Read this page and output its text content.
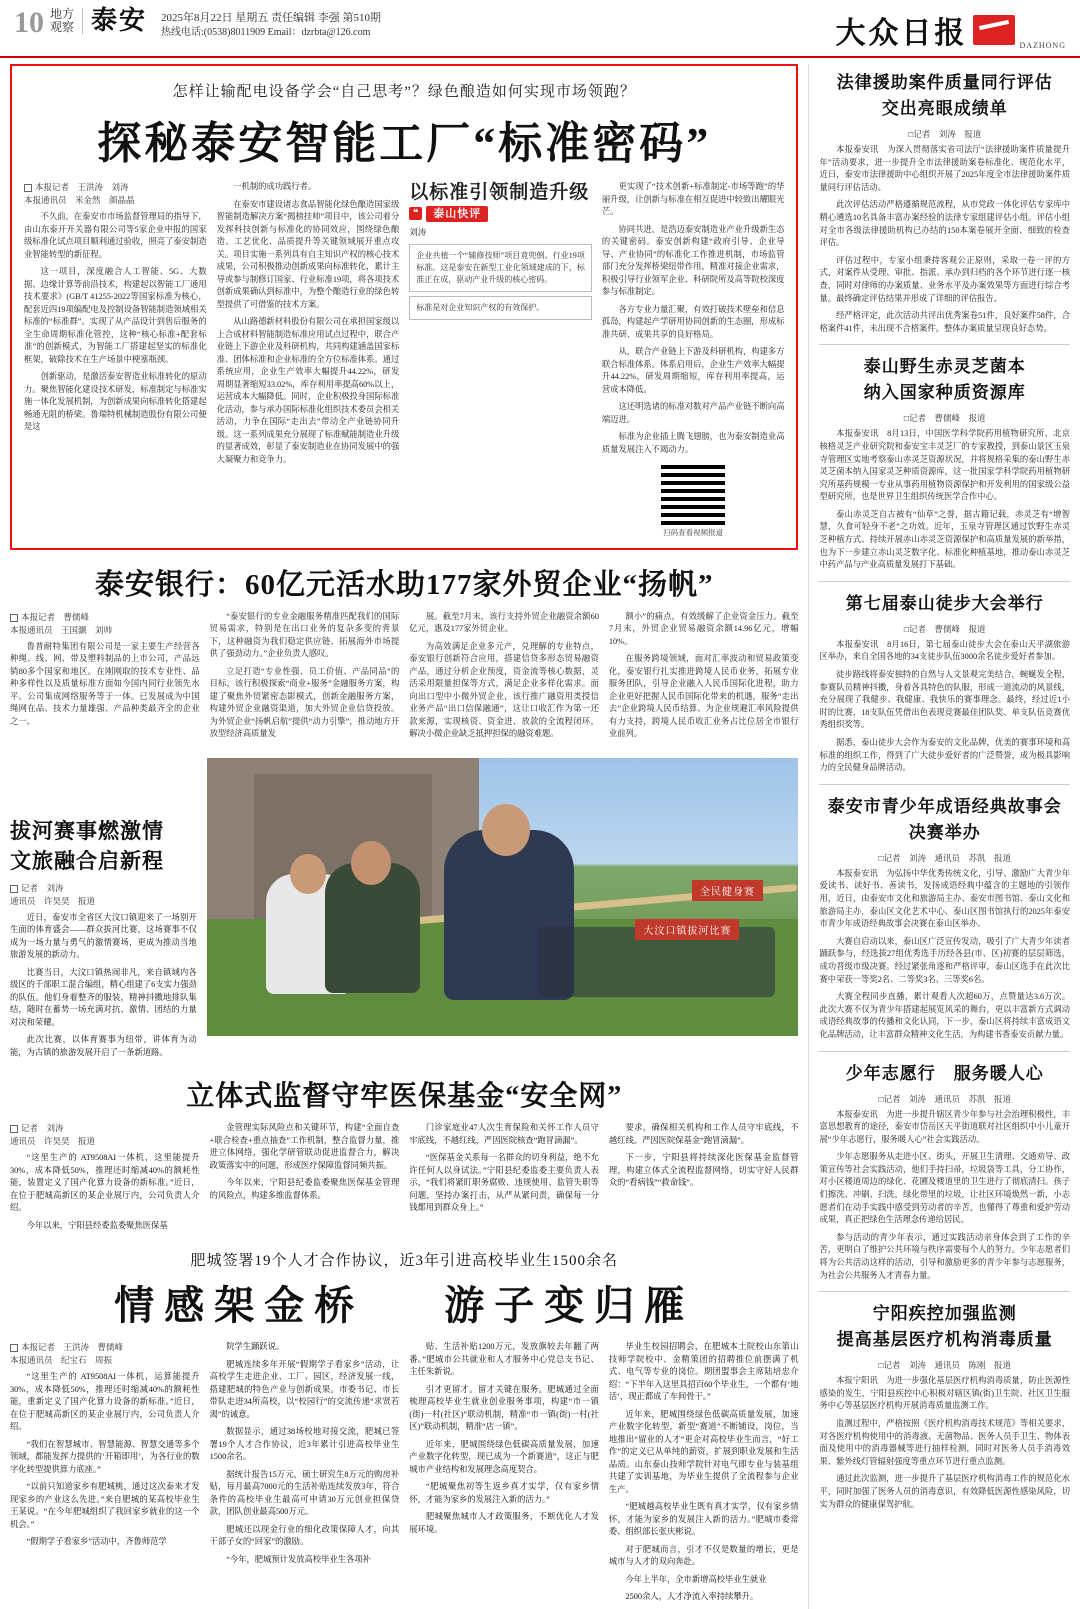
10 地方
观察 泰安 2025年8月22日 星期五 责任编辑 李强 第510期
热线电话:(0538)8011909 Email：dzrbta@126.com	大众日报	DAZHONG
怎样让输配电设备学会“自己思考”？绿色酿造如何实现市场领跑？
探秘泰安智能工厂“标准密码”
本报记者　王洪涛　刘涛
本报通讯员　米金然　颜晶晶

不久前，在泰安市市场监督管理局的指导下，由山东泰开开关器有限公司等5家企业申报的国家级标准化试点项目顺利通过验收，照亮了泰安制造业智能转型的新征程。

这一项目，深度融合人工智能、5G、大数据、边缘计算等前沿技术，构建起以智能工厂通用技术要求》(GB/T 41255-2022等国家标准为核心，配套近四19项编配电及控制设备智能制造领域相关标准的“标准群”。实现了从产品设计到售后服务的全生命周期标准化管控，这种“核心标准+配套标准”的创新模式，为智能工厂搭建起坚实的标准化框架，破除技术在生产场景中梗塞瓶颈。

创新驱动，是激活泰安智造业标准转化的原动力。聚焦智能化建设技术研发，标准制定与标准实施一体化发展机制，为创新成果向标准转化搭建起畅通无阻的桥梁。鲁瑞特机械制造股份有限公司便是这

一机制的成功践行者。

在泰安市建设诸志食品智能化绿色酿造国家级智能制造解决方案“揭榜挂帅”项目中，该公司着分发挥科技创新与标准化的协同效应，围绕绿色酿造、工艺优化、品质提升等关键领域展开重点攻关。项目实施一系列具有自主知识产权的核心技术成果，公司积极推动创新成果向标准转化，累计主导或参与制修订国家、行业标准19项，将各项技术创新成果确认到标准中，为整个酿造行业的绿色转型提供了可借鉴的技术方案。

从山路德新材料股份有限公司在承担国家级以上合成材料智能制造标准应用试点过程中，联合产业链上下游企业及科研机构，共同构建涵盖国家标准、团体标准和企业标准的全方位标准体系。通过系统应用，企业生产效率大幅提升44.22%，研发周期显著缩短33.02%，库存利用率提高60%以上，运营成本大幅降低。同时，企业积极投身国际标准化活动，参与承办国际标准化组织技术委员会相关活动，力争在国际“走出去”带动全产业链协同升级。这一系列成果充分展现了标准赋能制造业升级的显著成效，彰显了泰安制造业在协同发展中的强大凝聚力和竞争力。

以标准引领制造升级
❝	泰山快评
刘涛
企业共植一个“辅修技师”项目竟兜倒。行业19项标准。这是泰安在新型工业化领域建成的下，标准正在成，驱动产业升级的核心密码。
标准是对企业知识产权的有效保护。

更实现了“技术创新+标准制定-市场等跑”的华丽升级，让创新与标准在相互促进中较致出耀眼光芒。

协同共进，是浩迈泰安制造业产业升级新生态的关键密码。泰安创新构建“政府引导、企业导导、产业协同”的标准化工作推进机制，市场监管部门充分发挥桥梁纽带作用，精准对接企业需求，积极引导行业领军企业、科研院所及高等院校深度参与标准制定。

各方专业力量汇聚，有效打破技术壁垒和信息孤岛，构建起产学研用协同创新的生态圈，形成标准共研、成果共享的良好格局。

从，联合产业链上下游及科研机构，构建多方联合标准体系。体系启用后，企业生产效率大幅提升44.22%，研发周期缩短，库存利用率提高，运营成本降低。

这还明选诸的标准对数对产品产业链不断向高端迈进。

标准为企业插上腾飞翅膀，也为泰安制造业高质量发展注入不竭动力。

扫码查看视频报道
泰安银行：60亿元活水助177家外贸企业“扬帆”
本报记者　曹儒峰
本报通讯员　王国灏　刘帅

鲁普耐特集团有限公司是一家主要生产经营各种绳、线、网、带及塑料制品的上市公司，产品远销80多个国家和地区。在刚刚取的技术专业性、品种多样性以及质量标准方面如今国内同行业领先水平。公司集成网络服务等于一体。已发展成为中国绳网在品、技术力量雄强、产品种类最齐全的企业之一。

“泰安银行的专业金融服务精准匹配我们的国际贸易需求，特别是在出口业务的复杂多变的背景下，这种融资为我们稳定供应链、拓展海外市场提供了强劲动力。”企业负责人感叹。

立足打造“专业性强、员工价值、产品同品”的目标，该行积极探索“商业+服务”金融服务方案，构建了聚焦外贸紧密态影模式，创新金融服务方案，构建外贸企业融资渠道，加大外贸企业信贷投放。为外贸企业“扬帆启航”提供“动力引擎”，推动地方开放型经济高质量发

展。截至7月末，该行支持外贸企业融资余额60亿元，惠及177家外贸企业。

为高效满足企业多元产，兑理解的专业特点，泰安银行创新符合应用，搭建信贷多形态贸易融资产品，通过分析企业预度，资金流等核心数据，灵活采用限量担保等方式，满足企业多样化需求。面向出口型中小微外贸企业，该行推广融资用类授信业务产品“出口信保融通”，这让口收汇作为第一还款来源，实现核资、资金进、放款的全流程闭环，解决小微企业缺乏抵押担保的融资难题。

额小”的痛点，有效缓解了企业资金压力。截至7月末，外贸企业贸易融资余额14.96亿元，增幅10%。

在服务跨境领域，面对汇率波动和贸易政策变化，泰安银行扎实推进跨境人民币业务，拓展专业服务团队，引导企业融入人民币国际化进程，助力企业更好把握人民币国际化带来的机遇，服务“走出去”企业跨境人民币结算、为企业规避汇率风险提供有力支持，跨境人民币收汇业务占比位居全市银行业前列。

拔河赛事燃激情
文旅融合启新程
记者　刘涛
通讯员　许昊昊　报道

近日，泰安市全省区大汶口镇迎来了一场别开生面的体育盛会——群众拔河比赛，这场赛事不仅成为一场力量与勇气的激情赛场，更成为推动当地旅游发展的新动力。

比赛当日，大汶口镇热闹非凡，来自镇域内各级区的千部职工混合编组，精心组建了6支实力强劲的队伍。他们身着整齐的服装，精神抖擞地排队集结，随时在蓄势一场充满对抗、激情、团结的力量对决和荣耀。

此次比赛，以体育赛事为纽带，讲体育为动能，为古镇的旅游发展开启了一条新道路。

全民健身赛
大汶口镇拔河比赛
立体式监督守牢医保基金“安全网”
记者　刘涛
通讯员　许昊昊　报道

“这里生产的 AT9508AI一体机，这里能提升30%，成本降低50%，推理还时缩减40%的额耗性能，装置定义了国产化算力设备的新标准。”近日，在位于肥城高新区的某企业展厅内，公司负责人介绍。

今年以来，宁阳县经委监委聚焦医保基

金管理实际风险点和关键环节，构建“全面自查+联合检查+重点抽查”工作机制，整合监督力量，推进立体网络，强化学研管联动促进监督合力，解决政策落实中的问题，形成医疗保障监督同频共振。

今年以来，宁阳县纪委监委聚焦医保基金管理的风险点，构建多维监督体系。

门诊家庭业47人次生育保险和关怀工作人员守牢底线，不越红线，严因医院核查“跑冒滴漏”。

“医保基金关系每一名群众的切身利益，绝不允许任何人以身试法。”宁阳县纪委监委主要负责人表示，“我们将紧盯职务腐败、违规使用、监管失职等问题，坚持办案打击，从严从紧问责，确保每一分钱都用到群众身上。”

要求，确保相关机构和工作人员守牢底线，不越红线。严因医院保基金“跑冒滴漏”。

下一步，宁阳县将持续深化医保基金监督管理，构建立体式全流程监督网络，切实守好人民群众的“看病钱”“救命钱”。

肥城签署19个人才合作协议，近3年引进高校毕业生1500余名
情感架金桥 游子变归雁
本报记者　王洪涛　曹儒峰
本报通讯员　纪宝石　周振

“这里生产的 AT9508AI一体机，运算能提升30%，成本降低50%，推理还时缩减40%的额耗性能，重新定义了国产化算力设备的新标准。”近日，在位于肥城高新区的某企业展厅内，公司负责人介绍。

“我们在智慧城市、智慧能源、智慧交通等多个领域，都能发挥力提供的‘开箱即用’，为各行业的数字化转型提供算力底座。”

“以前只知道家乡有肥城桃，通过这次泰来才发现家乡的产业这么先进。”来自肥城的某高校毕业生王某说。“在今年肥城组织了我回家乡就业的这一个机会。”

“假期学子看家乡”活动中，齐鲁师范学

院学生踊跃说。

肥城连续多年开展“假期学子看家乡”活动，让高校学生走进企业、工厂、园区，经济发展一线，搭建肥城的特色产业与创新成果。市委书记、市长带队走进34所高校，以“校园行”的交流传递“求贤若渴”的诚意。

数据显示，通过38场校地对接交流，肥城已签署19个人才合作协议，近3年累计引进高校毕业生1500余名。

据统计报告15万元，硕士研究生8万元的购房补贴，每月最高7000元的生活补贴连续发放3年，符合条件的高校毕业生最高可申请30万元创业担保贷款，团队创业最高500万元。

肥城还以现金行业的细化政策保障人才，向其干部子女的“回家”的激励。

“今年，肥城预计发放高校毕业生各项补

贴、生活补贴1200万元，发放旗较去年翻了两番。”肥城市公共就业和人才服务中心党总支书记、主任朱新说。

引才更留才。留才关键在服务。肥城通过全面梳理高校毕业生就业创业服务事项，构建“市一镇(街)一村(社区)”联动机制，精准“市一镇(街)一村(社区)”联动机制，精准“店一镇”。

近年来，肥城围绕绿色低碳高质量发展，加速产业数字化转型，现已成为一个新赛道”，这正与肥城市产业结构和发展理念高度契合。

“肥城聚焦初等生返乡真才实学，仅有家乡情怀，才能为家乡的发展注入新的活力。”

肥城聚焦城市人才政策服务，不断优化人才发展环境。

毕业生校园招聘会，在肥城本土院校山东第山技师学院校中、金精策团的招聘推位前摆满了机式、电气等专业的岗位。期团盟事会主席陆培忠介绍：“下半年入这里具招百60个毕业生，一个都有‘地活’，现正都成了车间骨干。”

近年来，肥城围绕绿色低碳高质量发展，加速产业数字化转型，新型“赛道”不断铺设，岗位，当地推出“留业的人才”更企对高校毕业生而言，“好工作”的定义已从单纯的薪资，扩展到职业发展和生活品质。山东泰山技师学院针对电气即专业与装基组共建了实训基地，为毕业生提供了全流程参与企业生产。

“肥城越高校毕业生既有真才实学，仅有家乡情怀，才能为家乡的发展注入新的活力。”肥城市委常委、组织部长张庆彬说。

对于肥城而言，引才不仅是数量的增长，更是城市与人才的双向奔赴。

今年上半年，全市新增高校毕业生就业

2500余人，人才净流入率持续攀升。

法律援助案件质量同行评估
交出亮眼成绩单
□记者　刘涛　报道

本报泰安讯　为深入贯彻落实省司法厅“法律援助案件质量提升年”活动要求，进一步提升全市法律援助案卷标准化、规范化水平，近日，泰安市法律援助中心组织开展了2025年度全市法律援助案件质量同行评估活动。

此次评估活动严格遵循规范流程，从市党政一体化评估专家库中精心遴选10名具备丰富办案经验的法律专家组建评估小组。评估小组对全市各级法律援助机构已办结的150本案卷展开全面、细致的检查评估。

评估过程中，专家小组秉持客观公正原则，采取一卷一评的方式，对案件从受理、审批、指派、承办到归档的各个环节进行逐一核查，同时对律师的办案质量、业务水平及办案效果等方面进行综合考量。最终确定评估结果并形成了详细的评估报告。

经严格评定，此次活动共评出优秀案卷51件，良好案件58件，合格案件41件，未出现不合格案件。整体办案质量呈现良好态势。

泰山野生赤灵芝菌本
纳入国家种质资源库
□记者　曹儒峰　报道

本报泰安讯　8月13日，中国医学科学院药用植物研究所、北京核格灵芝产业研究院和泰安宝丰灵芝厂的专家教授，到泰山景区玉泉寺管理区实地考察泰山赤灵芝资源状况，并将规格采集的泰山野生赤灵芝菌本纳入国家灵芝种质资源库，这一批国家学科学院药用植物研究所基药规模一专业从事药用植物资源保护和开发利用的国家级公益型研究所，也是世界卫生组织传统医学合作中心。

泰山赤灵芝自古被有“仙草”之誉，据古籍记载，赤灵芝有“增智慧，久食可轻身不老”之功效。近年，玉泉寺管理区通过饮野生赤灵芝种植方式、持续开展赤山赤灵芝资源保护和高质量发展的新举措，也为下一步建立赤山灵芝数字化、标准化种植基地，推动泰山赤灵芝中药产品与产业高质量发展打下基础。

第七届泰山徒步大会举行
□记者　曹儒峰　报道

本报泰安讯　8月16日，第七届泰山徒步大会在泰山天平湖旅游区举办，来自全国各地的34支徒步队伍3000余名徒步爱好者参加。

徒步路线将泰安独特的自然与人文景观完美结合，蜿蜒发全程，参赛队员精神抖擞，身着各具特色的队服，形成一道流动的风景线，充分展现了我健步、我健康、我快乐的赛事理念。最终，经过近1小时的比赛，18支队伍凭借出色表现竞赛最佳团队奖、单支队伍竞赛优秀组织奖等。

据悉，泰山徒步大会作为泰安的文化品牌，优美的赛事环境和高标准的组织工作，得到了广大徒步爱好者的广泛赞誉，成为极具影响力的全民健身品牌活动。

泰安市青少年成语经典故事会
决赛举办
□记者　刘涛　通讯员　苏凯　报道

本报泰安讯　为弘扬中华优秀传统文化，引导、激励广大青少年爱读书、读好书、善读书，发扬成语经典中蕴含的主题地的引领作用，近日，由泰安市文化和旅游局主办、泰安市图书馆、泰山文化和旅游局主办，泰山区文化艺术中心、泰山区图书馆执行的2025年泰安市青少年成语经典故事会决赛在泰山区举办。

大赛自启动以来，泰山区广泛宣传发动，吸引了广大青少年读者踊跃参与，经选拔27组优秀选手历经各县(市、区)初赛的层层筛选，成功晋级市级决赛。经过紧张角逐和严格评审，泰山区选手在此次比赛中荣获一等奖2名、二等奖3名、三等奖6名。

大赛全程同步直播，累计观看人次超60万，点赞量达3.6万次。此次大赛不仅为青少年搭建起展览风采的舞台，更以丰富新方式调动成语经典故事的传播和文化认同，下一步，泰山区将持续丰富成语文化品牌活动，让丰富群众精神文化生活，为构建书香泰安贡献力量。

少年志愿行　服务暖人心
□记者　刘涛　通讯员　苏凯　报道

本报泰安讯　为进一步提升辖区青少年参与社会治理积极性，丰富思想教育的途径，泰安市岱岳区天平街道联对社区组织中小儿童开展“少年志愿行，服务暖人心”社会实践活动。

少年志愿服务从走进小区、街头，开展卫生清理、交通劝导、政策宣传等社会实践活动，他们手持扫帚，垃圾袋等工具，分工协作，对小区楼道周边的绿化、花圃及楼道里的卫生进行了彻底清扫。孩子们擦洗、冲刷、扫洗，绿化带里的垃圾，让社区环境焕然一新，小志愿者们在动手实践中感受到劳动者的辛苦，也懂得了尊重和爱护劳动成果，真正把绿色生活理念传递给居民。

参与活动的青少年表示，通过实践活动亲身体会到了工作的辛苦，更明白了维护公共环境与秩序需要每个人的努力。少年志愿者们将为公共活动这样的活动，引导和激励更多的青少年参与志愿服务，为社会公共服务人才青春力量。

宁阳疾控加强监测
提高基层医疗机构消毒质量
□记者　刘涛　通讯员　陈刚　报道

本报宁阳讯　为进一步强化基层医疗机构消毒质量，防止医源性感染的发生，宁阳县疾控中心积极对辖区镇(街)卫生院、社区卫生服务中心等基层医疗机构开展消毒质量监测工作。

监测过程中，严格按照《医疗机构消毒技术规范》等相关要求，对各医疗机构使用中的消毒液、无菌物品、医务人员手卫生、物体表面及使用中的消毒器械等进行抽样检测，同时对医务人员手消毒效果、紫外线灯管辐射强度等重点环节进行重点监测。

通过此次监测，进一步提升了基层医疗机构消毒工作的规范化水平，同时加强了医务人员的消毒意识，有效降低医源性感染风险，切实为群众的健康保驾护航。
